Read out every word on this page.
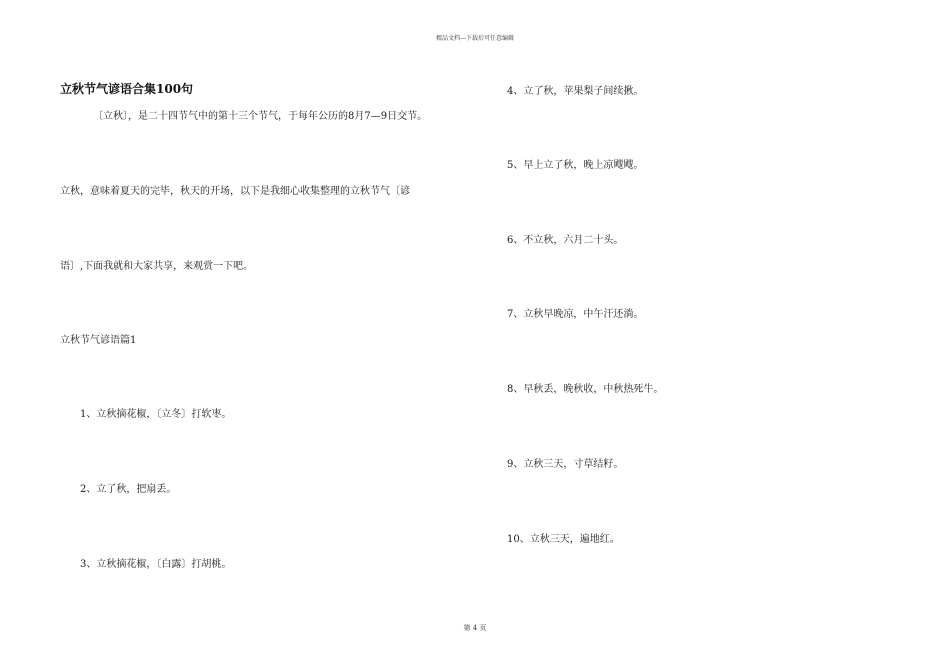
精品文档---下载后可任意编辑
立秋节气谚语合集100句
〔立秋〕，是二十四节气中的第十三个节气，于每年公历的8月7—9日交节。
立秋，意味着夏天的完毕，秋天的开场，以下是我细心收集整理的立秋节气〔谚
语〕,下面我就和大家共享，来观赏一下吧。
立秋节气谚语篇1
1、立秋摘花椒，〔立冬〕打软枣。
2、立了秋，把扇丢。
3、立秋摘花椒，〔白露〕打胡桃。
4、立了秋，苹果梨子间续揪。
5、早上立了秋，晚上凉飕飕。
6、不立秋，六月二十头。
7、立秋早晚凉，中午汗还淌。
8、早秋丢，晚秋收，中秋热死牛。
9、立秋三天，寸草结籽。
10、立秋三天，遍地红。
第 4 页
